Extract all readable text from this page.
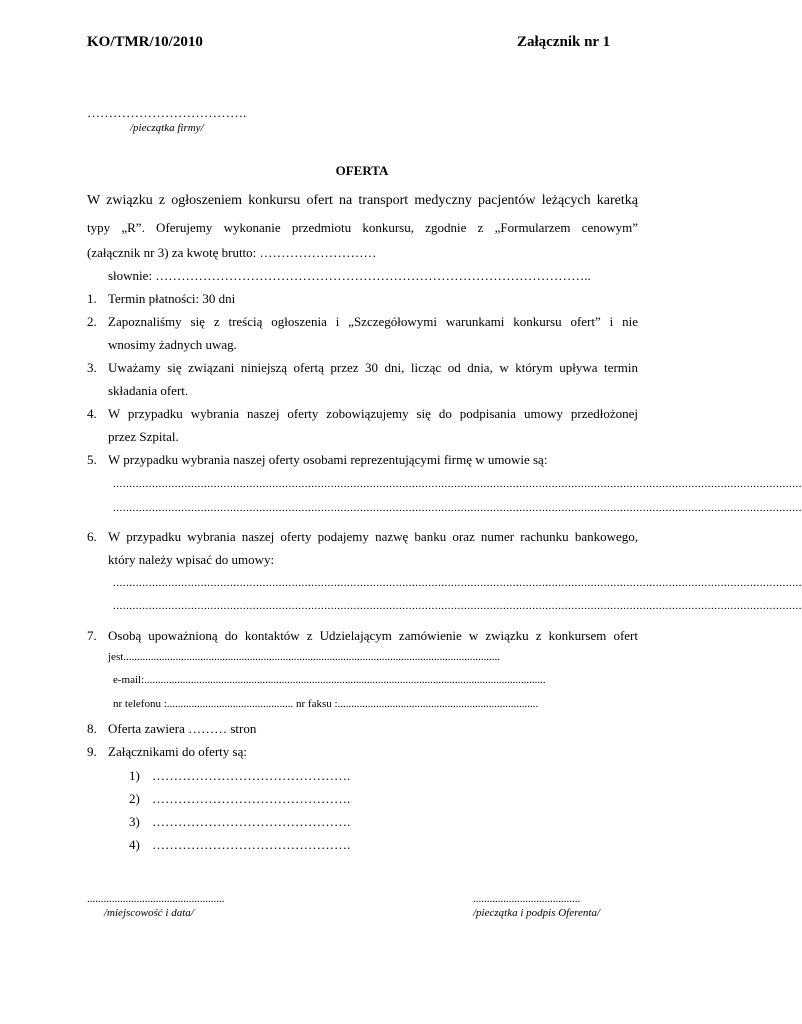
KO/TMR/10/2010	Załącznik nr 1
……………………………….
/pieczątka firmy/
OFERTA
W związku z ogłoszeniem konkursu ofert na transport medyczny pacjentów leżących karetką
typy „R”. Oferujemy wykonanie przedmiotu konkursu, zgodnie z „Formularzem cenowym”
(załącznik nr 3) za kwotę brutto: ………………………
słownie: ………………………………………………………………………………………..
1. Termin płatności: 30 dni
2. Zapoznaliśmy się z treścią ogłoszenia i „Szczegółowymi warunkami konkursu ofert” i nie
wnosimy żadnych uwag.
3. Uważamy się związani niniejszą ofertą przez 30 dni, licząc od dnia, w którym upływa termin
składania ofert.
4. W przypadku wybrania naszej oferty zobowiązujemy się do podpisania umowy przedłożonej
przez Szpital.
5. W przypadku wybrania naszej oferty osobami reprezentującymi firmę w umowie są:
....................................................................................................................................................................................................................
....................................................................................................................................................................................................................
6. W przypadku wybrania naszej oferty podajemy nazwę banku oraz numer rachunku bankowego,
który należy wpisać do umowy:
....................................................................................................................................................................................................................
....................................................................................................................................................................................................................
7. Osobą upoważnioną do kontaktów z Udzielającym zamówienie w związku z konkursem ofert
jest.........................................................................................................................................
e-mail:..................................................................................................................................................
nr telefonu :.............................................. nr faksu :.........................................................................
8. Oferta zawiera ……… stron
9. Załącznikami do oferty są:
1) ……………………………………….
2) ……………………………………….
3) ……………………………………….
4) ……………………………………….
..................................................
/miejscowość i data/
.......................................
/pieczątka i podpis Oferenta/
